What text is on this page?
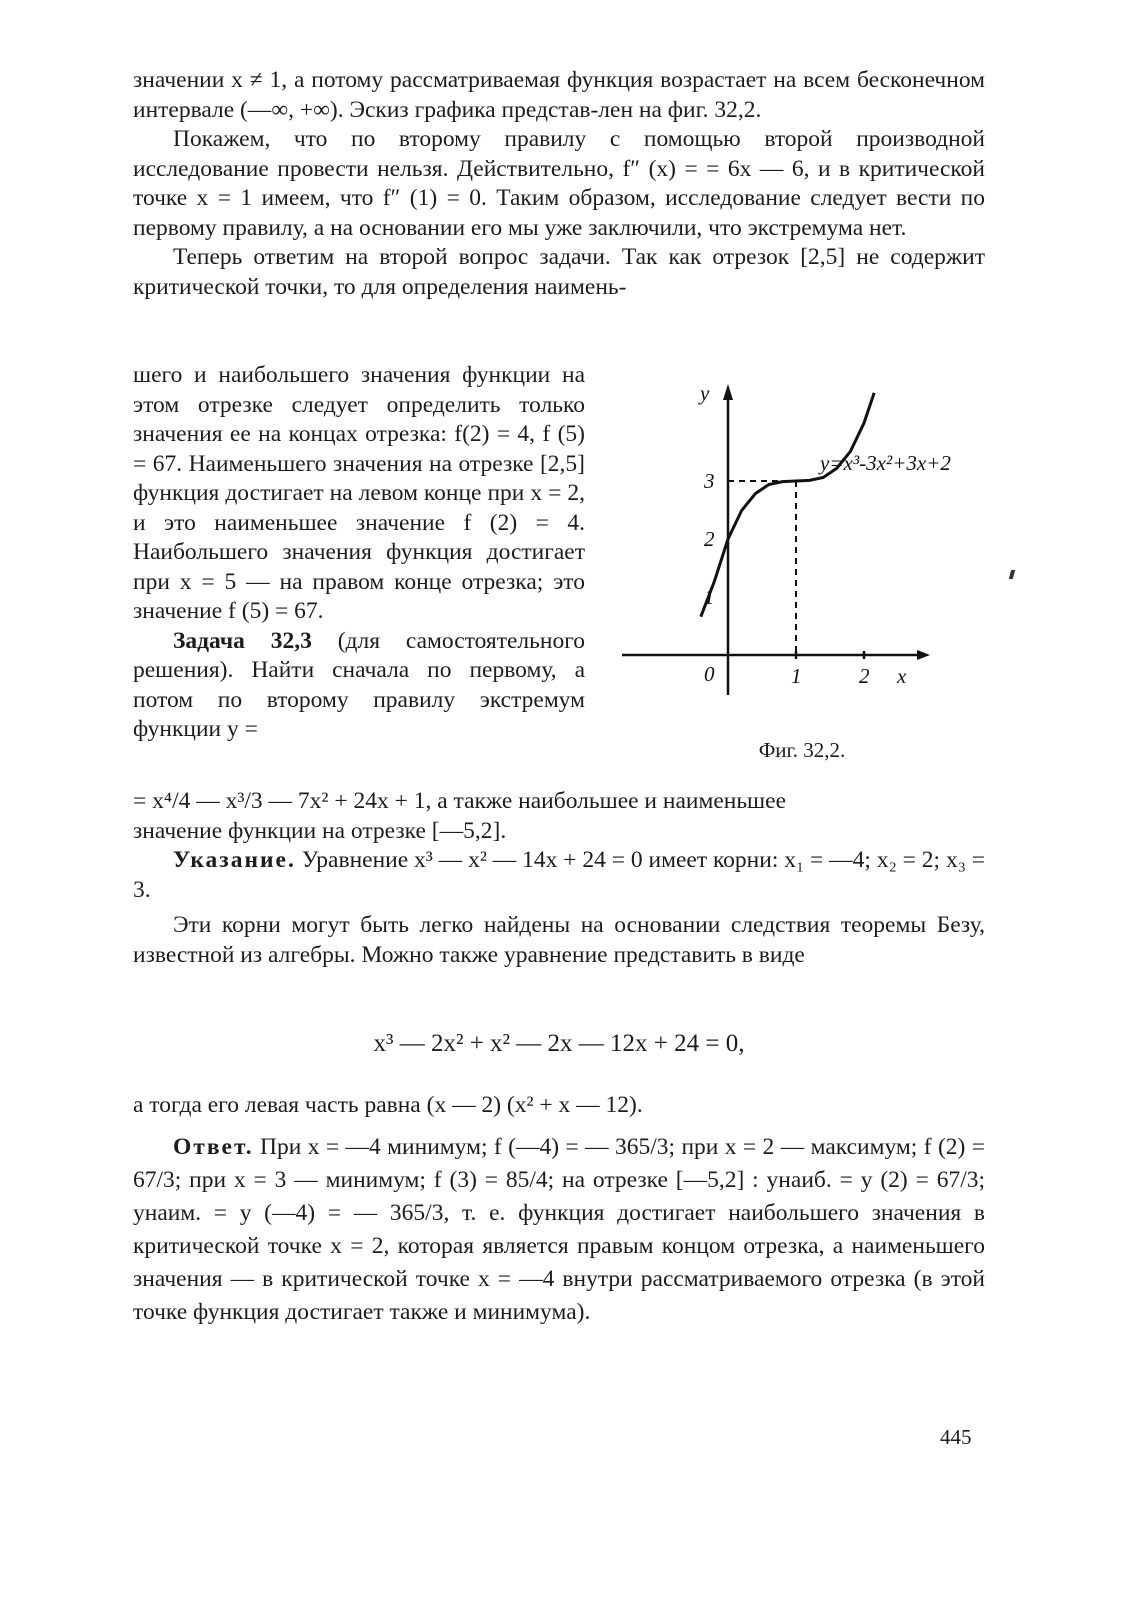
значении x ≠ 1, а потому рассматриваемая функция возрастает на всем бесконечном интервале (—∞, +∞). Эскиз графика представ-лен на фиг. 32,2.

Покажем, что по второму правилу с помощью второй производной исследование провести нельзя. Действительно, f″ (x) = = 6x — 6, и в критической точке x = 1 имеем, что f″ (1) = 0. Таким образом, исследование следует вести по первому правилу, а на основании его мы уже заключили, что экстремума нет.

Теперь ответим на второй вопрос задачи. Так как отрезок [2,5] не содержит критической точки, то для определения наимень-

шего и наибольшего значения функции на этом отрезке следует определить только значения ее на концах отрезка: f(2) = 4, f (5) = 67. Наименьшего значения на отрезке [2,5] функция достигает на левом конце при x = 2, и это наименьшее значение f (2) = 4. Наибольшего значения функция достигает при x = 5 — на правом конце отрезка; это значение f (5) = 67.

Задача 32,3 (для самостоятельного решения). Найти сначала по первому, а потом по второму правилу экстремум функции y =

1	2
1
2
3
y
x
0
y=x³-3x²+3x+2
Фиг. 32,2.

= x⁴/4 — x³/3 — 7x² + 24x + 1, а также наибольшее и наименьшее

значение функции на отрезке [—5,2].

Указание. Уравнение x³ — x² — 14x + 24 = 0 имеет корни: x₁ = —4; x₂ = 2; x₃ = 3.

Эти корни могут быть легко найдены на основании следствия теоремы Безу, известной из алгебры. Можно также уравнение представить в виде

x³ — 2x² + x² — 2x — 12x + 24 = 0,

а тогда его левая часть равна (x — 2) (x² + x — 12).

Ответ. При x = —4 минимум; f (—4) = — 365/3; при x = 2 — максимум; f (2) = 67/3; при x = 3 — минимум; f (3) = 85/4; на отрезке [—5,2] : yнаиб. = y (2) = 67/3; yнаим. = y (—4) = — 365/3, т. е. функция достигает наибольшего значения в критической точке x = 2, которая является правым концом отрезка, а наименьшего значения — в критической точке x = —4 внутри рассматриваемого отрезка (в этой точке функция достигает также и минимума).

445
